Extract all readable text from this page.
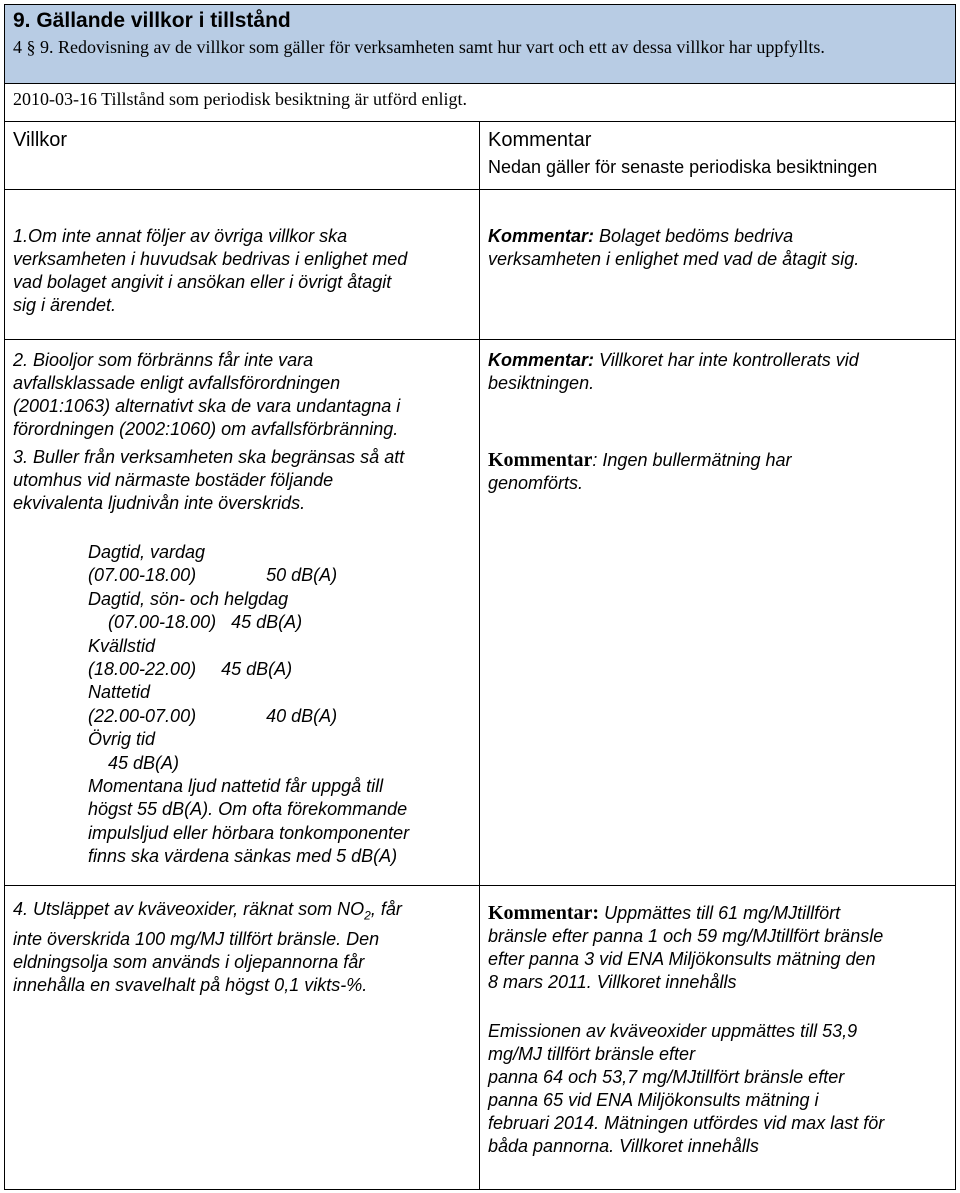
9. Gällande villkor i tillstånd
4 § 9. Redovisning av de villkor som gäller för verksamheten samt hur vart och ett av dessa villkor har uppfyllts.
2010-03-16 Tillstånd som periodisk besiktning är utförd enligt.
Villkor	Kommentar
Nedan gäller för senaste periodiska besiktningen
1.Om inte annat följer av övriga villkor ska
verksamheten i huvudsak bedrivas i enlighet med
vad bolaget angivit i ansökan eller i övrigt åtagit
sig i ärendet.
Kommentar: Bolaget bedöms bedriva
verksamheten i enlighet med vad de åtagit sig.
2. Biooljor som förbränns får inte vara
avfallsklassade enligt avfallsförordningen
(2001:1063) alternativt ska de vara undantagna i
förordningen (2002:1060) om avfallsförbränning.
Kommentar: Villkoret har inte kontrollerats vid
besiktningen.
3. Buller från verksamheten ska begränsas så att
utomhus vid närmaste bostäder följande
ekvivalenta ljudnivån inte överskrids.
Kommentar: Ingen bullermätning har
genomförts.
Dagtid, vardag
(07.00-18.00)              50 dB(A)
Dagtid, sön- och helgdag
(07.00-18.00)   45 dB(A)
Kvällstid
(18.00-22.00)     45 dB(A)
Nattetid
(22.00-07.00)              40 dB(A)
Övrig tid
45 dB(A)
Momentana ljud nattetid får uppgå till
högst 55 dB(A). Om ofta förekommande
impulsljud eller hörbara tonkomponenter
finns ska värdena sänkas med 5 dB(A)
4. Utsläppet av kväveoxider, räknat som $NO_2$, får
inte överskrida 100 mg/MJ tillfört bränsle. Den
eldningsolja som används i oljepannorna får
innehålla en svavelhalt på högst 0,1 vikts-%.
Kommentar: Uppmättes till 61 mg/MJtillfört
bränsle efter panna 1 och 59 mg/MJtillfört bränsle
efter panna 3 vid ENA Miljökonsults mätning den
8 mars 2011. Villkoret innehålls
Emissionen av kväveoxider uppmättes till 53,9
mg/MJ tillfört bränsle efter
panna 64 och 53,7 mg/MJtillfört bränsle efter
panna 65 vid ENA Miljökonsults mätning i
februari 2014. Mätningen utfördes vid max last för
båda pannorna. Villkoret innehålls
